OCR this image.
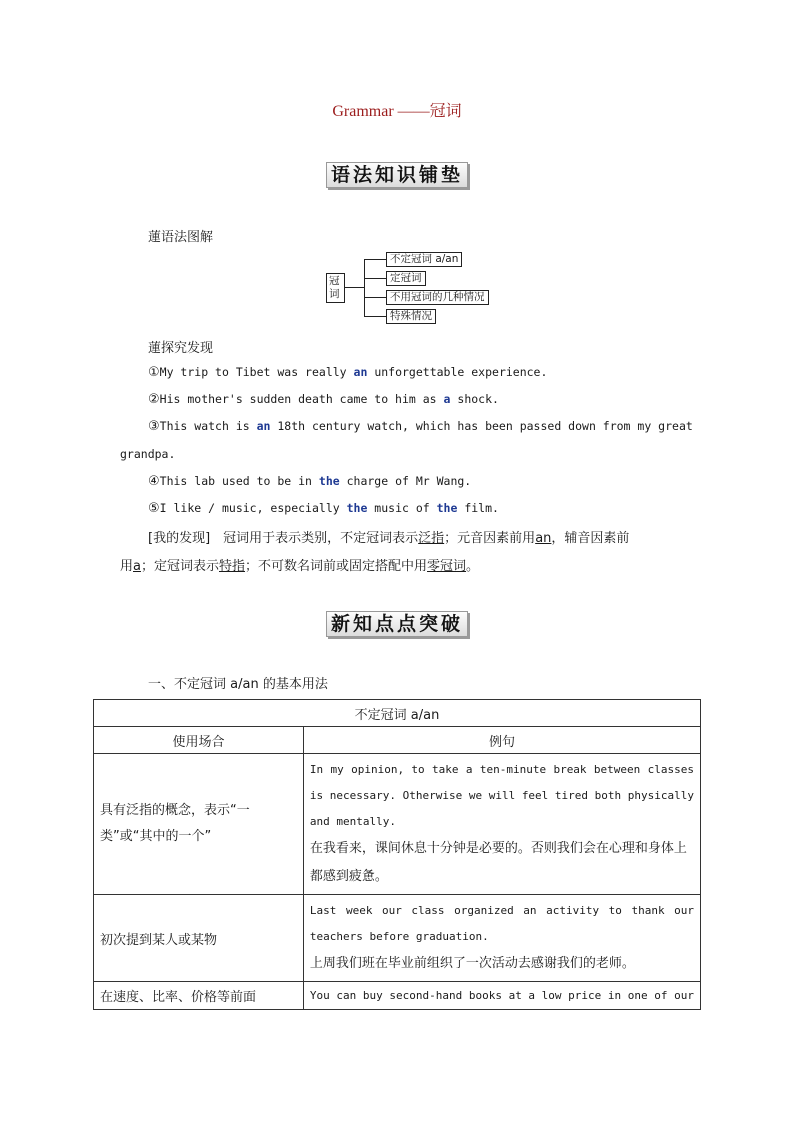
Grammar ——冠词
语法知识铺垫
蓮语法图解
冠词
不定冠词 a/an
定冠词
不用冠词的几种情况
特殊情况
蓮探究发现
①My trip to Tibet was really an unforgettable experience.
②His mother's sudden death came to him as a shock.
③This watch is an 18th century watch, which has been passed down from my great
grandpa.
④This lab used to be in the charge of Mr Wang.
⑤I like / music, especially the music of the film.
[我的发现]　冠词用于表示类别，不定冠词表示泛指；元音因素前用an，辅音因素前
用a；定冠词表示特指；不可数名词前或固定搭配中用零冠词。
新知点点突破
一、不定冠词 a/an 的基本用法
不定冠词 a/an	
使用场合	例句
具有泛指的概念，表示“一类”或“其中的一个”	In my opinion, to take a ten-minute break between classes is necessary. Otherwise we will feel tired both physically and mentally.
在我看来，课间休息十分钟是必要的。否则我们会在心理和身体上都感到疲惫。

初次提到某人或某物	Last week our class organized an activity to thank our teachers before graduation.
上周我们班在毕业前组织了一次活动去感谢我们的老师。

在速度、比率、价格等前面	You can buy second-hand books at a low price in one of our
